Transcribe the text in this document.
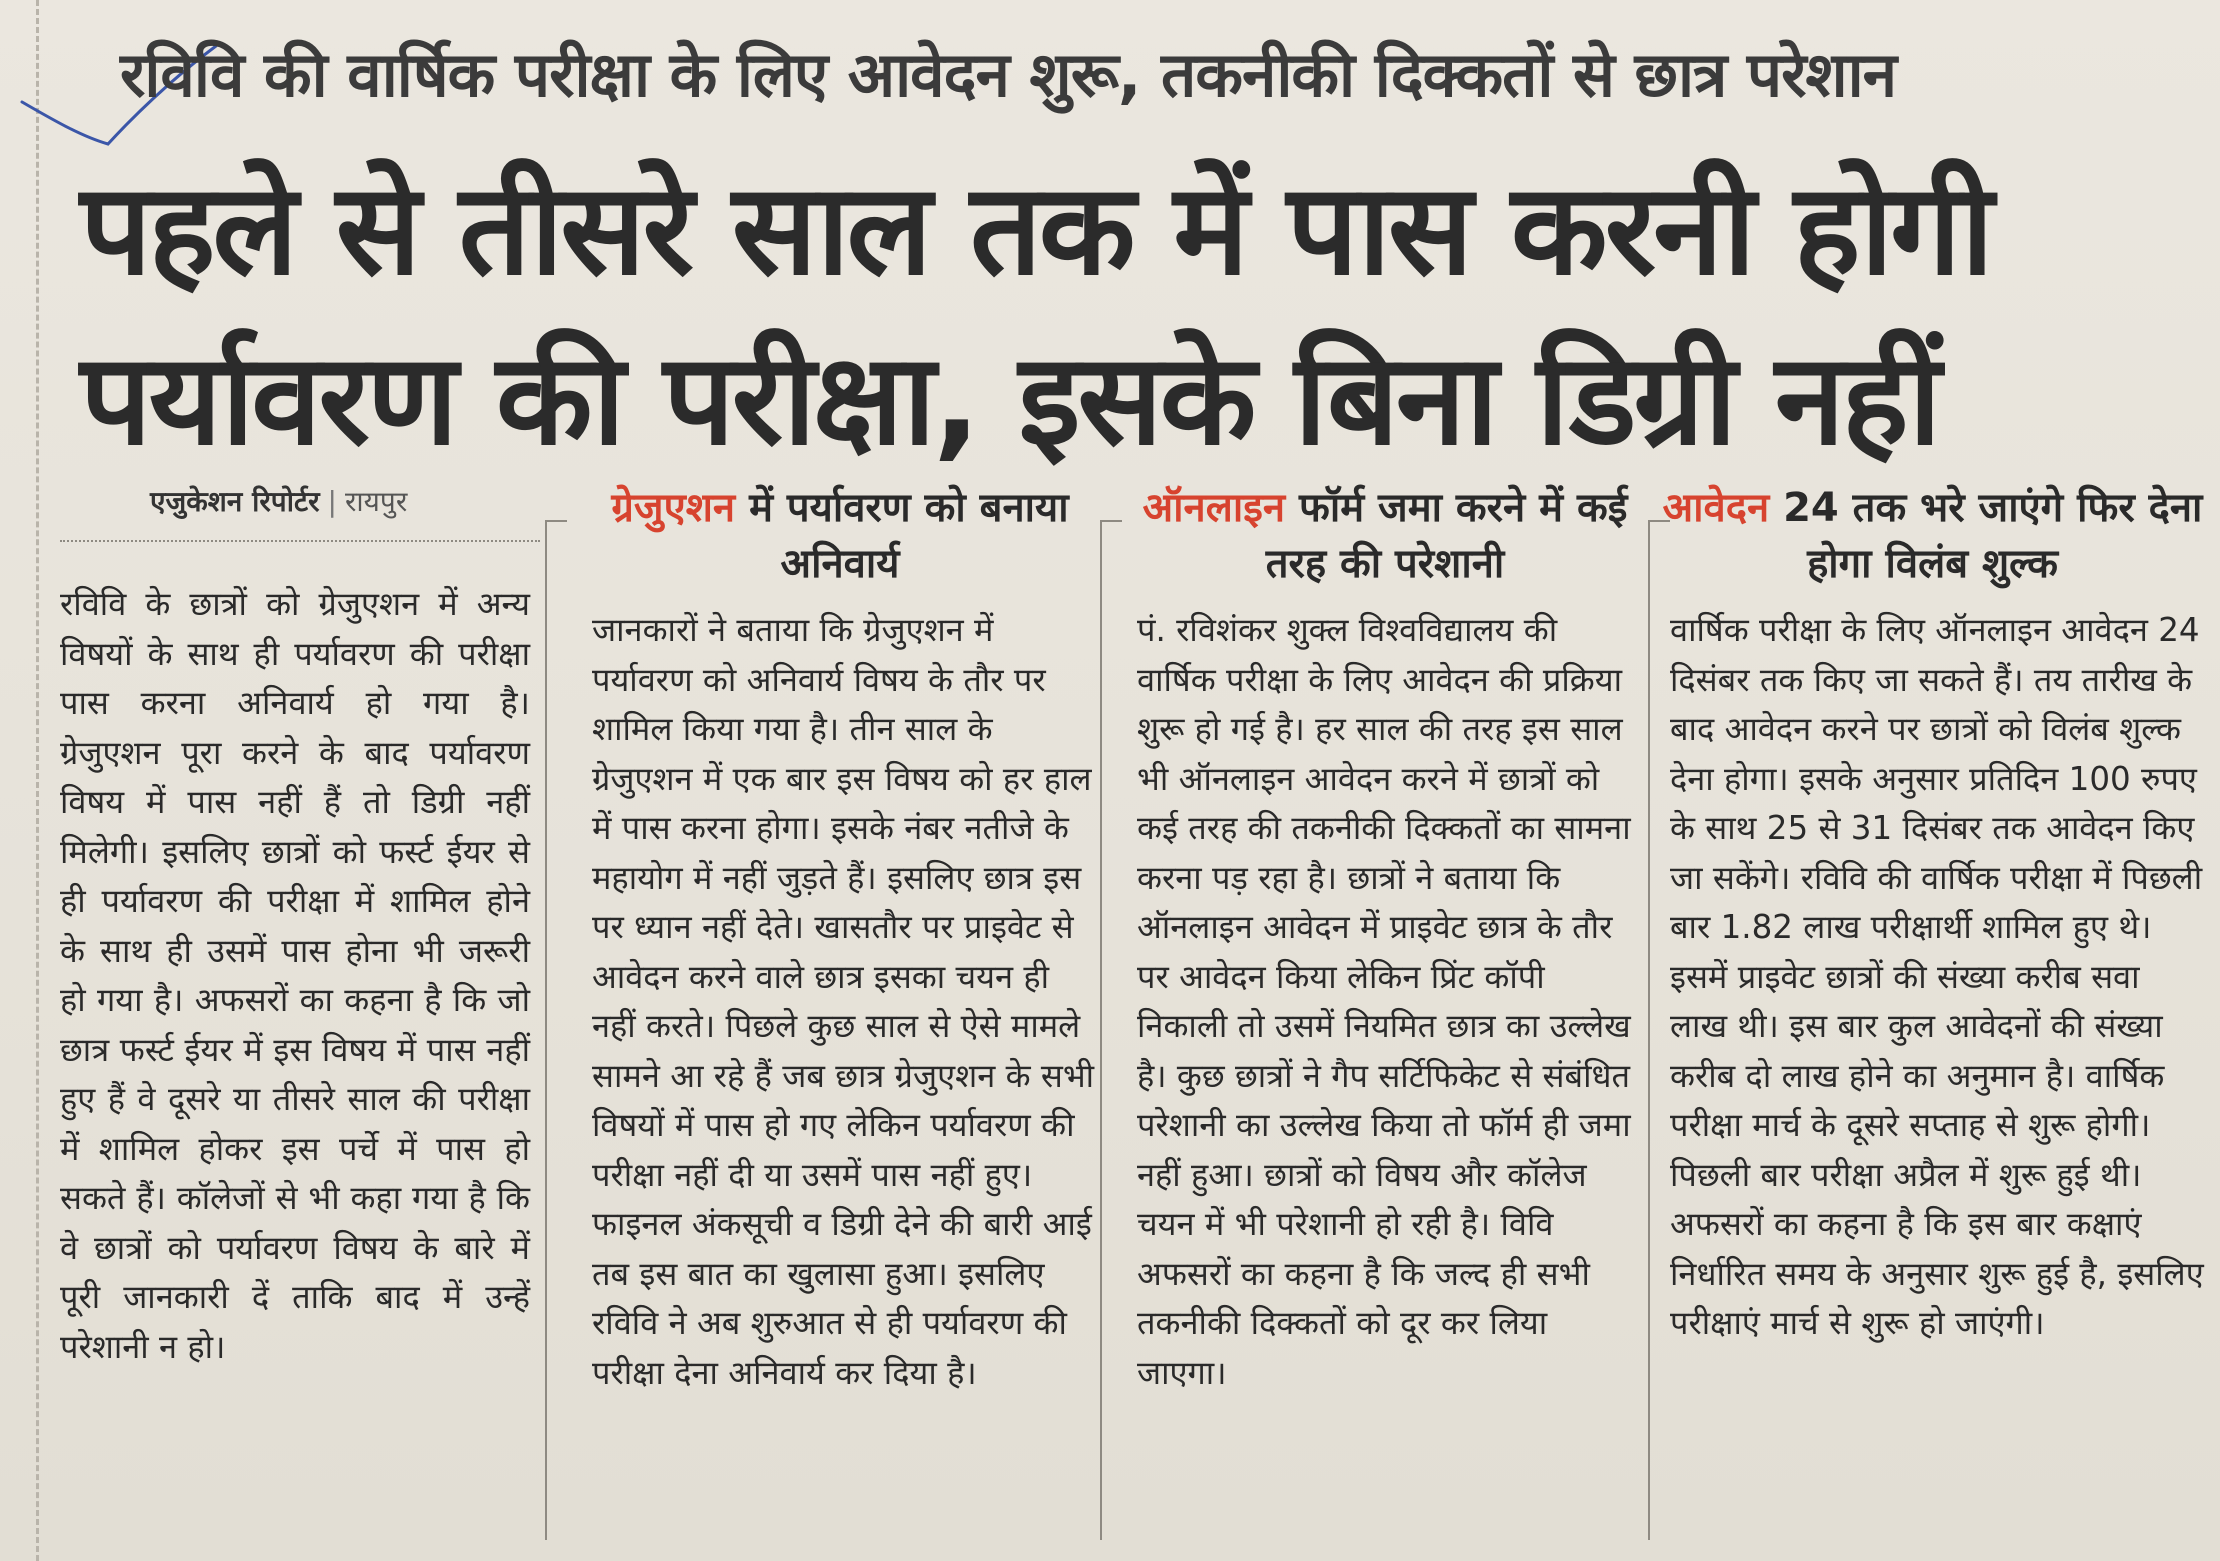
रविवि की वार्षिक परीक्षा के लिए आवेदन शुरू, तकनीकी दिक्कतों से छात्र परेशान
पहले से तीसरे साल तक में पास करनी होगी
पर्यावरण की परीक्षा, इसके बिना डिग्री नहीं
एजुकेशन रिपोर्टर | रायपुर
रविवि के छात्रों को ग्रेजुएशन में अन्य विषयों के साथ ही पर्यावरण की परीक्षा पास करना अनिवार्य हो गया है। ग्रेजुएशन पूरा करने के बाद पर्यावरण विषय में पास नहीं हैं तो डिग्री नहीं मिलेगी। इसलिए छात्रों को फर्स्ट ईयर से ही पर्यावरण की परीक्षा में शामिल होने के साथ ही उसमें पास होना भी जरूरी हो गया है। अफसरों का कहना है कि जो छात्र फर्स्ट ईयर में इस विषय में पास नहीं हुए हैं वे दूसरे या तीसरे साल की परीक्षा में शामिल होकर इस पर्चे में पास हो सकते हैं। कॉलेजों से भी कहा गया है कि वे छात्रों को पर्यावरण विषय के बारे में पूरी जानकारी दें ताकि बाद में उन्हें परेशानी न हो।
ग्रेजुएशन में पर्यावरण को बनाया अनिवार्य
जानकारों ने बताया कि ग्रेजुएशन में पर्यावरण को अनिवार्य विषय के तौर पर शामिल किया गया है। तीन साल के ग्रेजुएशन में एक बार इस विषय को हर हाल में पास करना होगा। इसके नंबर नतीजे के महायोग में नहीं जुड़ते हैं। इसलिए छात्र इस पर ध्यान नहीं देते। खासतौर पर प्राइवेट से आवेदन करने वाले छात्र इसका चयन ही नहीं करते। पिछले कुछ साल से ऐसे मामले सामने आ रहे हैं जब छात्र ग्रेजुएशन के सभी विषयों में पास हो गए लेकिन पर्यावरण की परीक्षा नहीं दी या उसमें पास नहीं हुए। फाइनल अंकसूची व डिग्री देने की बारी आई तब इस बात का खुलासा हुआ। इसलिए रविवि ने अब शुरुआत से ही पर्यावरण की परीक्षा देना अनिवार्य कर दिया है।
ऑनलाइन फॉर्म जमा करने में कई तरह की परेशानी
पं. रविशंकर शुक्ल विश्वविद्यालय की वार्षिक परीक्षा के लिए आवेदन की प्रक्रिया शुरू हो गई है। हर साल की तरह इस साल भी ऑनलाइन आवेदन करने में छात्रों को कई तरह की तकनीकी दिक्कतों का सामना करना पड़ रहा है। छात्रों ने बताया कि ऑनलाइन आवेदन में प्राइवेट छात्र के तौर पर आवेदन किया लेकिन प्रिंट कॉपी निकाली तो उसमें नियमित छात्र का उल्लेख है। कुछ छात्रों ने गैप सर्टिफिकेट से संबंधित परेशानी का उल्लेख किया तो फॉर्म ही जमा नहीं हुआ। छात्रों को विषय और कॉलेज चयन में भी परेशानी हो रही है। विवि अफसरों का कहना है कि जल्द ही सभी तकनीकी दिक्कतों को दूर कर लिया जाएगा।
आवेदन 24 तक भरे जाएंगे फिर देना होगा विलंब शुल्क
वार्षिक परीक्षा के लिए ऑनलाइन आवेदन 24 दिसंबर तक किए जा सकते हैं। तय तारीख के बाद आवेदन करने पर छात्रों को विलंब शुल्क देना होगा। इसके अनुसार प्रतिदिन 100 रुपए के साथ 25 से 31 दिसंबर तक आवेदन किए जा सकेंगे। रविवि की वार्षिक परीक्षा में पिछली बार 1.82 लाख परीक्षार्थी शामिल हुए थे। इसमें प्राइवेट छात्रों की संख्या करीब सवा लाख थी। इस बार कुल आवेदनों की संख्या करीब दो लाख होने का अनुमान है। वार्षिक परीक्षा मार्च के दूसरे सप्ताह से शुरू होगी। पिछली बार परीक्षा अप्रैल में शुरू हुई थी। अफसरों का कहना है कि इस बार कक्षाएं निर्धारित समय के अनुसार शुरू हुई है, इसलिए परीक्षाएं मार्च से शुरू हो जाएंगी।
